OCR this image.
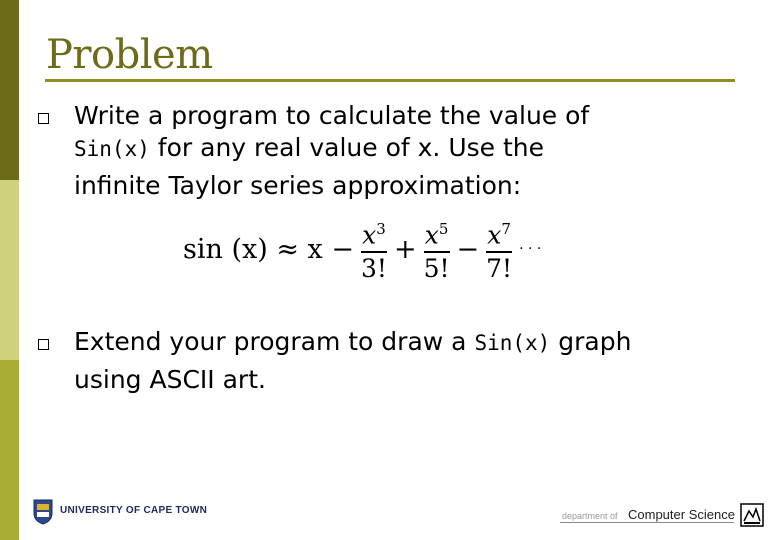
Problem
Write a program to calculate the value of
Sin(x) for any real value of x. Use the
infinite Taylor series approximation:
$\sin (x) \approx x - \frac{x^3}{3!} + \frac{x^5}{5!} - \frac{x^7}{7!}$ · · ·
Extend your program to draw a Sin(x) graph
using ASCII art.
UNIVERSITY OF CAPE TOWN	department of Computer Science
